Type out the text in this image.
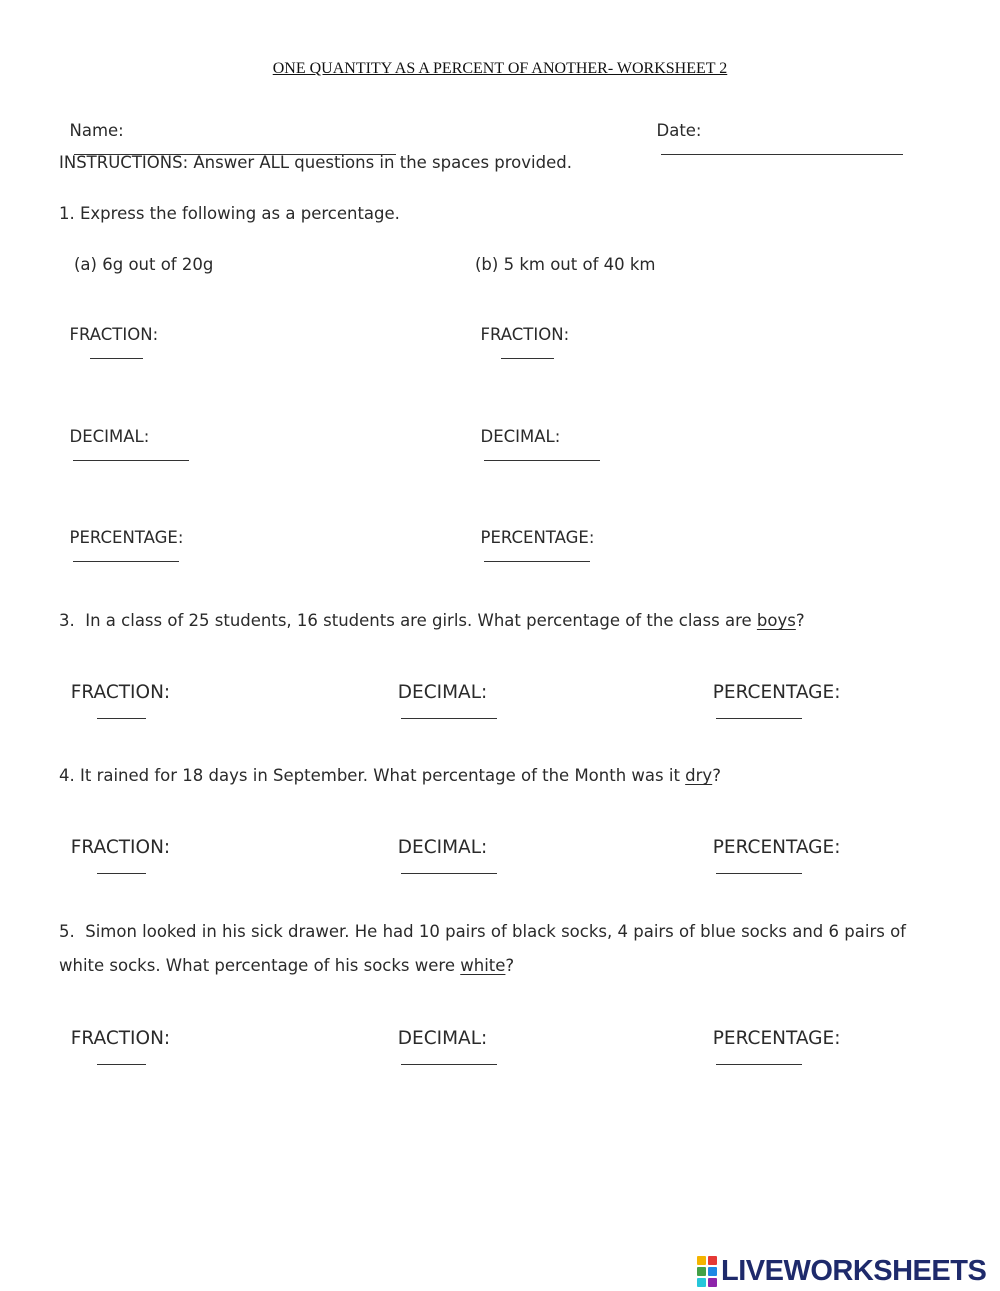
ONE QUANTITY AS A PERCENT OF ANOTHER- WORKSHEET 2

Name:
	Date:

INSTRUCTIONS: Answer ALL questions in the spaces provided.
1. Express the following as a percentage.
(a) 6g out of 20g	(b) 5 km out of 40 km

FRACTION:
	FRACTION:

DECIMAL:
	DECIMAL:

PERCENTAGE:
	PERCENTAGE:

3.  In a class of 25 students, 16 students are girls. What percentage of the class are boys?

FRACTION:
	DECIMAL:
	PERCENTAGE:

4. It rained for 18 days in September. What percentage of the Month was it dry?

FRACTION:
	DECIMAL:
	PERCENTAGE:

5.  Simon looked in his sick drawer. He had 10 pairs of black socks, 4 pairs of blue socks and 6 pairs of
white socks. What percentage of his socks were white?

FRACTION:
	DECIMAL:
	PERCENTAGE:

LIVEWORKSHEETS
